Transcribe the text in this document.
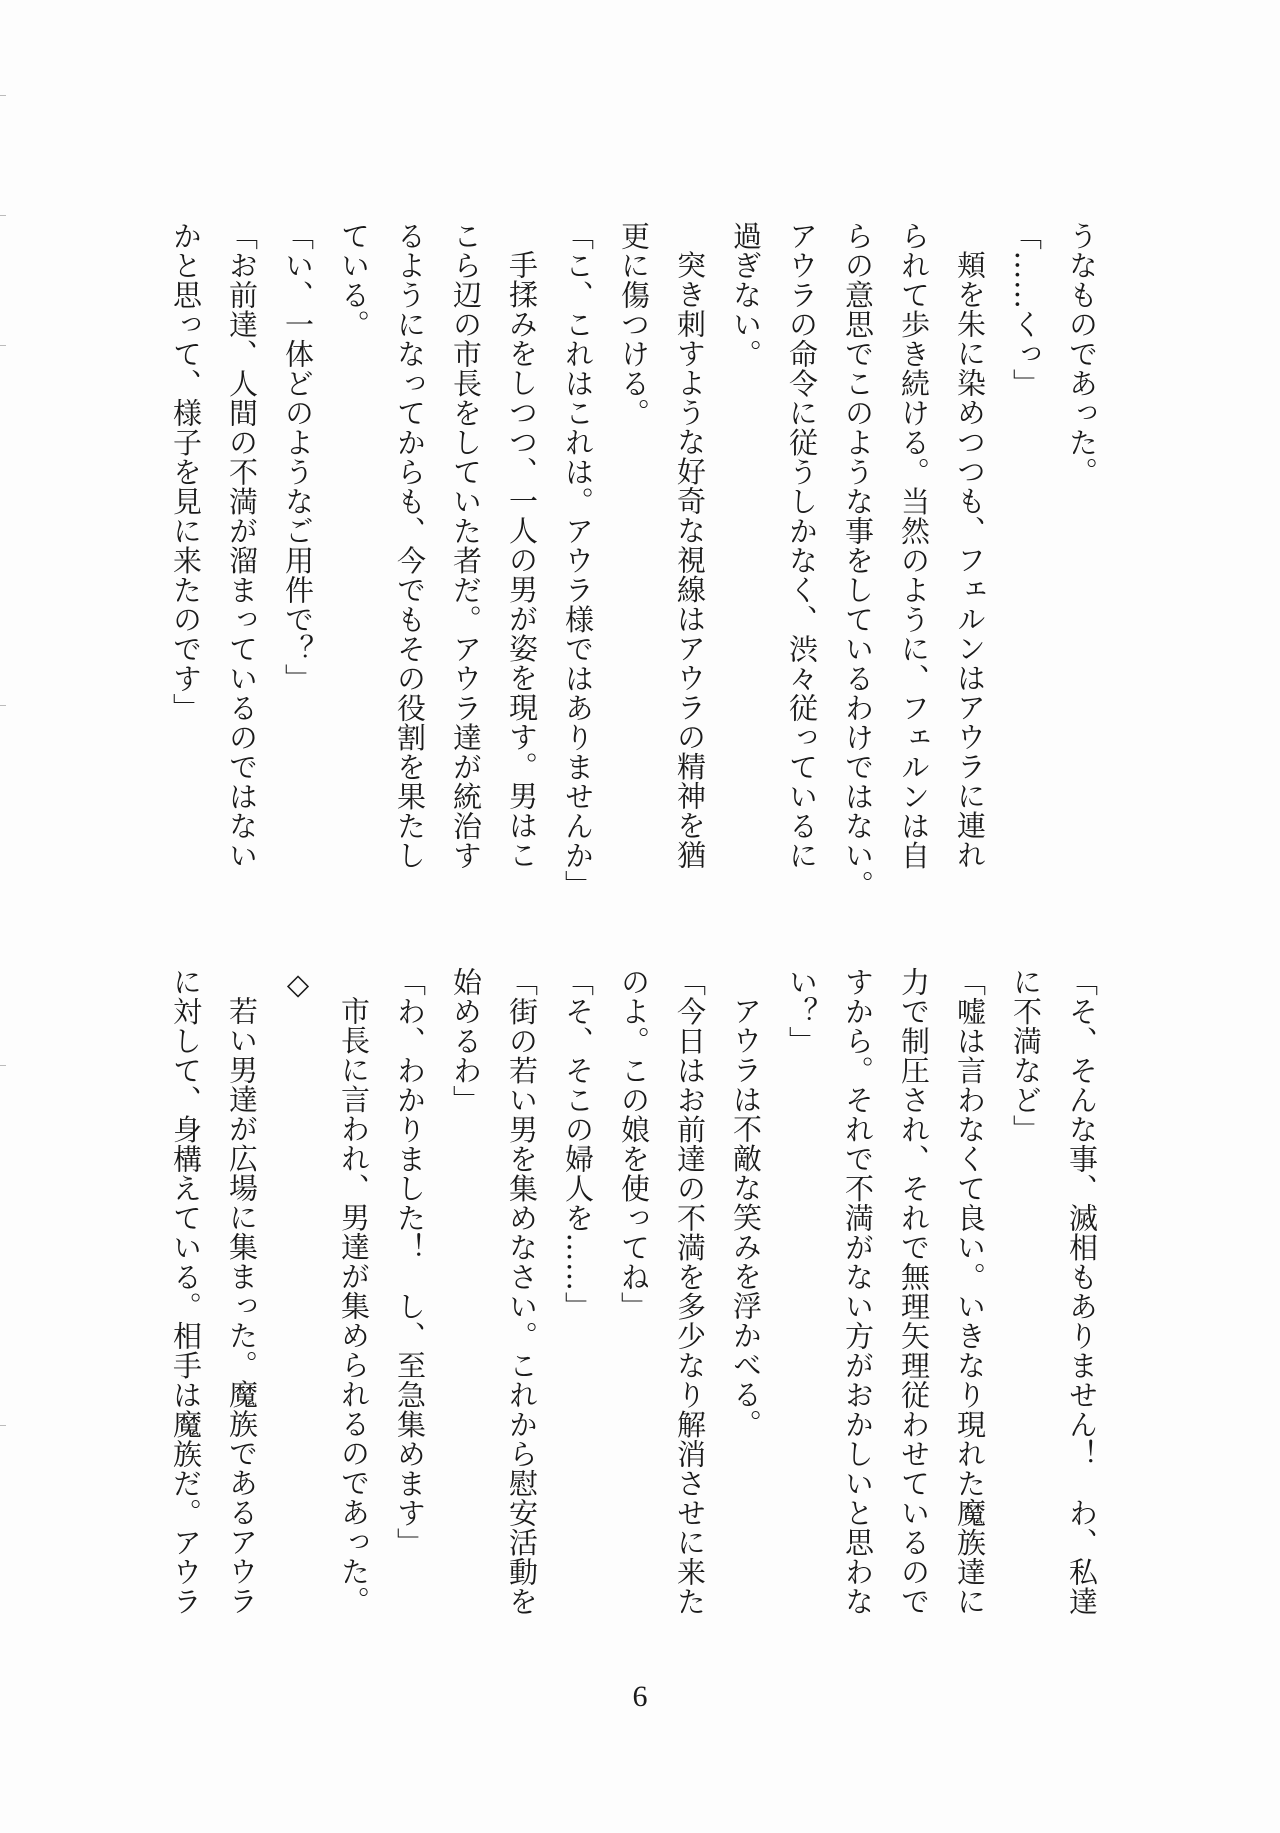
うなものであった。
「……くっ」
頬を朱に染めつつも、フェルンはアウラに連れ
られて歩き続ける。当然のように、フェルンは自
らの意思でこのような事をしているわけではない。
アウラの命令に従うしかなく、渋々従っているに
過ぎない。
突き刺すような好奇な視線はアウラの精神を猶
更に傷つける。
「こ、これはこれは。アウラ様ではありませんか」
手揉みをしつつ、一人の男が姿を現す。男はこ
こら辺の市長をしていた者だ。アウラ達が統治す
るようになってからも、今でもその役割を果たし
ている。
「い、一体どのようなご用件で？」
「お前達、人間の不満が溜まっているのではない
かと思って、様子を見に来たのです」
「そ、そんな事、滅相もありません！　わ、私達
に不満など」
「嘘は言わなくて良い。いきなり現れた魔族達に
力で制圧され、それで無理矢理従わせているので
すから。それで不満がない方がおかしいと思わな
い？」
アウラは不敵な笑みを浮かべる。
「今日はお前達の不満を多少なり解消させに来た
のよ。この娘を使ってね」
「そ、そこの婦人を……」
「街の若い男を集めなさい。これから慰安活動を
始めるわ」
「わ、わかりました！　し、至急集めます」
市長に言われ、男達が集められるのであった。
◇
若い男達が広場に集まった。魔族であるアウラ
に対して、身構えている。相手は魔族だ。アウラ
6
